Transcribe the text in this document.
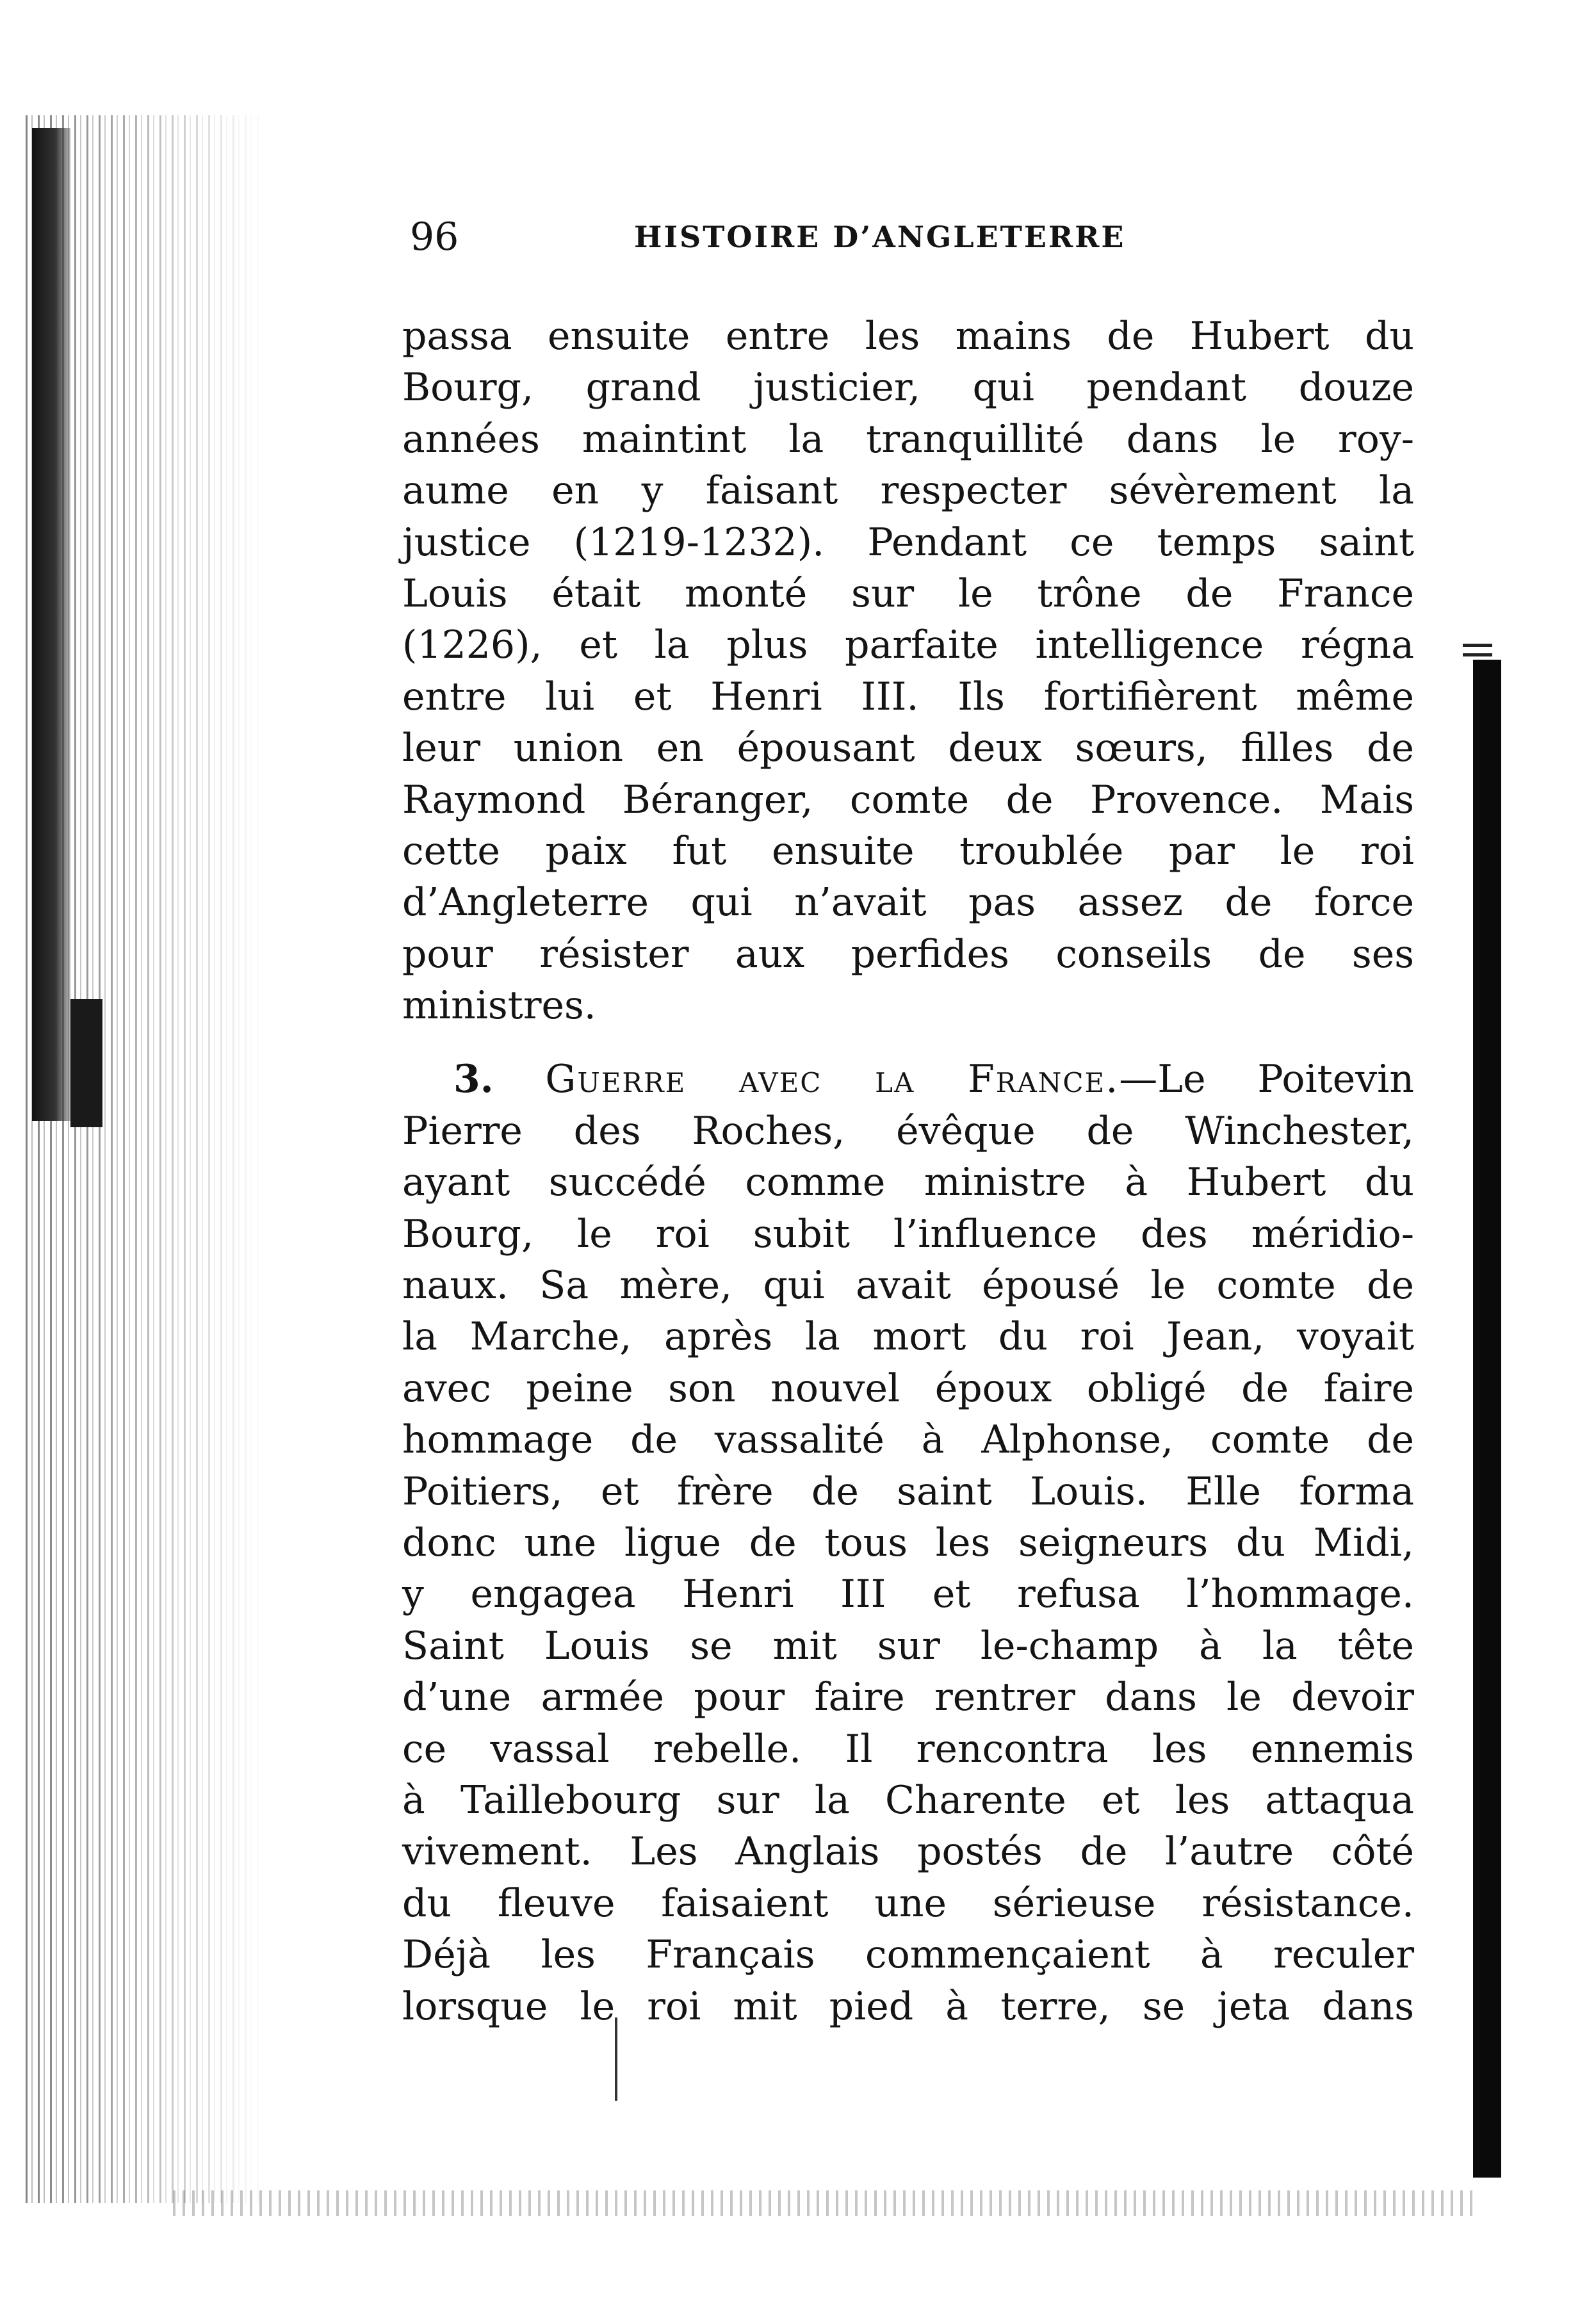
96	HISTOIRE D’ANGLETERRE
passa ensuite entre les mains de Hubert du
Bourg, grand justicier, qui pendant douze
années maintint la tranquillité dans le roy-
aume en y faisant respecter sévèrement la
justice (1219-1232). Pendant ce temps saint
Louis était monté sur le trône de France
(1226), et la plus parfaite intelligence régna
entre lui et Henri III. Ils fortifièrent même
leur union en épousant deux sœurs, filles de
Raymond Béranger, comte de Provence. Mais
cette paix fut ensuite troublée par le roi
d’Angleterre qui n’avait pas assez de force
pour résister aux perfides conseils de ses
ministres.
3. Guerre avec la France.—Le Poitevin
Pierre des Roches, évêque de Winchester,
ayant succédé comme ministre à Hubert du
Bourg, le roi subit l’influence des méridio-
naux. Sa mère, qui avait épousé le comte de
la Marche, après la mort du roi Jean, voyait
avec peine son nouvel époux obligé de faire
hommage de vassalité à Alphonse, comte de
Poitiers, et frère de saint Louis. Elle forma
donc une ligue de tous les seigneurs du Midi,
y engagea Henri III et refusa l’hommage.
Saint Louis se mit sur le-champ à la tête
d’une armée pour faire rentrer dans le devoir
ce vassal rebelle. Il rencontra les ennemis
à Taillebourg sur la Charente et les attaqua
vivement. Les Anglais postés de l’autre côté
du fleuve faisaient une sérieuse résistance.
Déjà les Français commençaient à reculer
lorsque le roi mit pied à terre, se jeta dans
